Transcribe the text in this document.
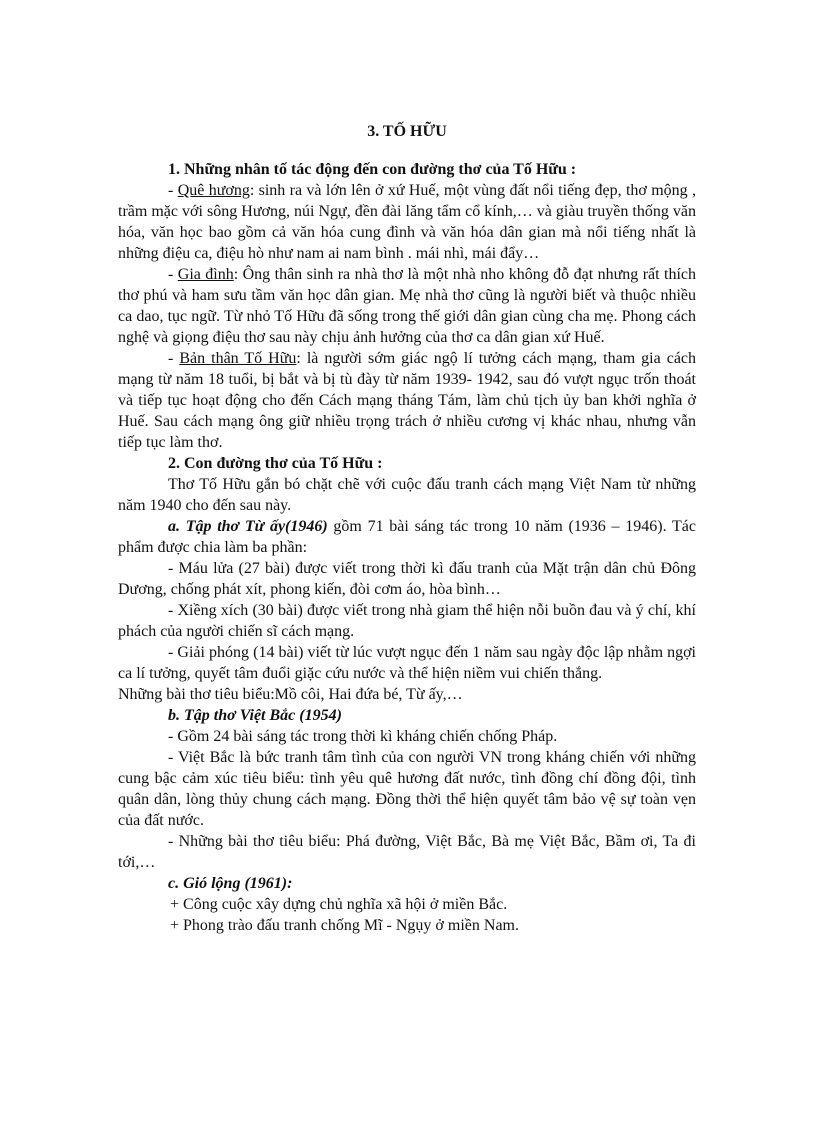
3. TỐ HỮU

1. Những nhân tố tác động đến con đường thơ của Tố Hữu :

- Quê hương: sinh ra và lớn lên ở xứ Huế, một vùng đất nổi tiếng đẹp, thơ mộng , trầm mặc với sông Hương, núi Ngự, đền đài lăng tẩm cổ kính,… và giàu truyền thống văn hóa, văn học bao gồm cả văn hóa cung đình và văn hóa dân gian mà nổi tiếng nhất là những điệu ca, điệu hò như nam ai nam bình . mái nhì, mái đẩy…

- Gia đình: Ông thân sinh ra nhà thơ là một nhà nho không đỗ đạt nhưng rất thích thơ phú và ham sưu tầm văn học dân gian. Mẹ nhà thơ cũng là người biết và thuộc nhiều ca dao, tục ngữ. Từ nhỏ Tố Hữu đã sống trong thế giới dân gian cùng cha mẹ. Phong cách nghệ và giọng điệu thơ sau này chịu ảnh hưởng của thơ ca dân gian xứ Huế.

- Bản thân Tố Hữu: là người sớm giác ngộ lí tưởng cách mạng, tham gia cách mạng từ năm 18 tuổi, bị bắt và bị tù đày từ năm 1939- 1942, sau đó vượt ngục trốn thoát và tiếp tục hoạt động cho đến Cách mạng tháng Tám, làm chủ tịch ủy ban khởi nghĩa ở Huế. Sau cách mạng ông giữ nhiều trọng trách ở nhiều cương vị khác nhau, nhưng vẫn tiếp tục làm thơ.

2. Con đường thơ của Tố Hữu :

Thơ Tố Hữu gắn bó chặt chẽ với cuộc đấu tranh cách mạng Việt Nam từ những năm 1940 cho đến sau này.

a. Tập thơ Từ ấy(1946) gồm 71 bài sáng tác trong 10 năm (1936 – 1946). Tác phẩm được chia làm ba phần:

- Máu lửa (27 bài) được viết trong thời kì đấu tranh của Mặt trận dân chủ Đông Dương, chống phát xít, phong kiến, đòi cơm áo, hòa bình…

- Xiềng xích (30 bài) được viết trong nhà giam thể hiện nỗi buồn đau và ý chí, khí phách của người chiến sĩ cách mạng.

- Giải phóng (14 bài) viết từ lúc vượt ngục đến 1 năm sau ngày độc lập nhằm ngợi ca lí tưởng, quyết tâm đuổi giặc cứu nước và thể hiện niềm vui chiến thắng.

Những bài thơ tiêu biểu:Mồ côi, Hai đứa bé, Từ ấy,…

b. Tập thơ Việt Bắc (1954)

- Gồm 24 bài sáng tác trong thời kì kháng chiến chống Pháp.

- Việt Bắc là bức tranh tâm tình của con người VN trong kháng chiến với những cung bậc cảm xúc tiêu biểu: tình yêu quê hương đất nước, tình đồng chí đồng đội, tình quân dân, lòng thủy chung cách mạng. Đồng thời thể hiện quyết tâm bảo vệ sự toàn vẹn của đất nước.

- Những bài thơ tiêu biểu: Phá đường, Việt Bắc, Bà mẹ Việt Bắc, Bầm ơi, Ta đi tới,…

c. Gió lộng (1961):

+ Công cuộc xây dựng chủ nghĩa xã hội ở miền Bắc.

+ Phong trào đấu tranh chống Mĩ - Ngụy ở miền Nam.
